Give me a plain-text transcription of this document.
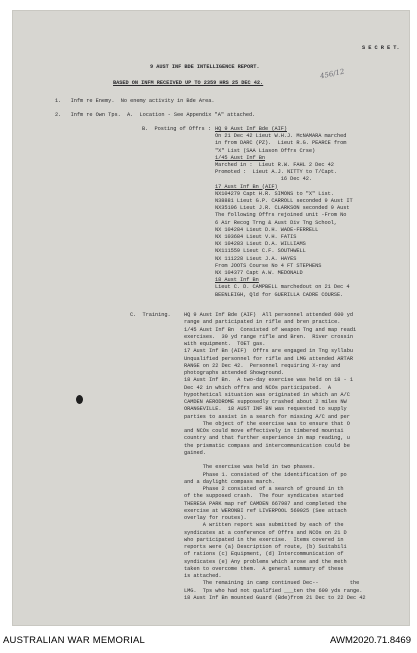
S E C R E T.
456/12
9 AUST INF BDE INTELLIGENCE REPORT.
BASED ON INFM RECEIVED UP TO 2359 HRS 25 DEC 42.
1.   Infm re Enemy.  No enemy activity in Bde Area.
2.   Infm re Own Tps.  A.  Location - See Appendix "A" attached.
B.  Posting of Offrs : HQ 9 Aust Inf Bde (AIF)
On 21 Dec 42 Lieut W.H.J. McNAMARA marched
in from DARC (PZ).  Lieut R.G. PEARCE from
"X" List (SAA Liason Offrs Crse)
1/45 Aust Inf Bn
Marched in :  Lieut R.W. FAHL 2 Dec 42
Promoted :  Lieut A.J. NITTY to T/Capt.
16 Dec 42.
17 Aust Inf Bn (AIF)
NX104279 Capt H.R. SIMONS to "X" List.
N38881 Lieut G.P. CARROLL seconded 9 Aust IT
NX35106 Lieut J.R. CLARKSON seconded 9 Aust
The following Offrs rejoined unit -From No
6 Air Recog Trng & Aust Div Tng School,
NX 104284 Lieut D.H. WADE-FERRELL
NX 103684 Lieut V.H. FATIS
NX 104283 Lieut D.A. WILLIAMS
NX111559 Lieut C.F. SOUTHWELL
NX 111228 Lieut J.A. HAYES
From JOOTS Course No 4 FT STEPHENS
NX 104377 Capt A.W. MEDONALD
18 Aust Inf Bn
Lieut C. D. CAMPBELL marchedout on 21 Dec 4
BEENLEIGH, Qld for GUERILLA CADRE COURSE.
C.  Training.	HQ 9 Aust Inf Bde (AIF)  All personnel attended 600 yd
range and participated in rifle and bren practice.
1/45 Aust Inf Bn  Consisted of weapon Tng and map readi
exercises.  30 yd range rifle and Bren.  River crossin
with equipment.  TOET gas.
17 Aust Inf Bn (AIF)  Offrs are engaged in Tng syllabu
Unqualified personnel for rifle and LMG attended ARTAR
RANGE on 22 Dec 42.  Personnel requiring X-ray and
photographs attended Showground.
18 Aust Inf Bn.  A two-day exercise was held on 18 - 1
Dec 42 in which offrs and NCOs participated.  A
hypothetical situation was originated in which an A/C
CAMDEN AERODROME supposedly crashed about 2 miles NW
ORANGEVILLE.  18 AUST INF BN was requested to supply
parties to assist in a search for missing A/C and per
The object of the exercise was to ensure that O
and NCOs could move effectively in timbered mountai
country and that further experience in map reading, u
the prismatic compass and intercommunication could be
gained.
The exercise was held in two phases.
Phase 1. consisted of the identification of po
and a daylight compass march.
Phase 2 consisted of a search of ground in th
of the supposed crash.  The four syndicates started
THERESA PARK map ref CAMDEN 667987 and completed the
exercise at WERONBI ref LIVERPOOL 569025 (See attach
overlay for routes).
A written report was submitted by each of the
syndicates at a conference of Offrs and NCOs on 21 D
who participated in the exercise.  Items covered in
reports were (a) Description of route, (b) Suitabili
of rations (c) Equipment, (d) Intercommunication of
syndicates (e) Any problems which arose and the meth
taken to overcome them.  A general summary of these
is attached.
The remaining in camp continued Dec--          the
LMG.  Tps who had not qualified ___ten the 600 yds range.
18 Aust Inf Bn mounted Guard (Bde)from 21 Dec to 22 Dec 42
AUSTRALIAN WAR MEMORIAL	AWM2020.71.8469
